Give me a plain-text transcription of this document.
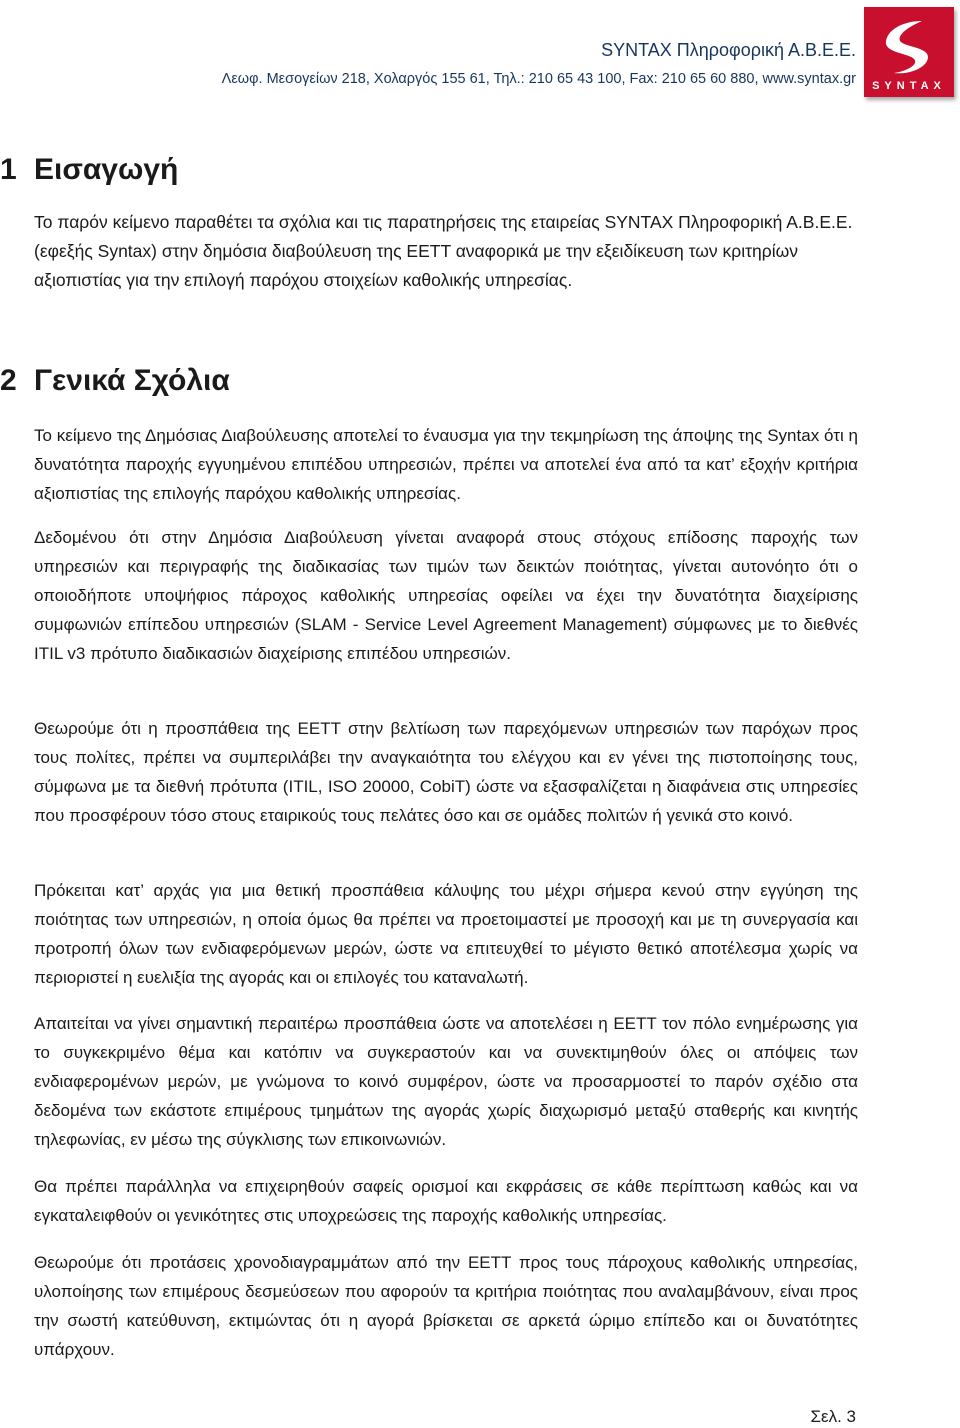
SYNTAX Πληροφορική Α.Β.Ε.Ε.
Λεωφ. Μεσογείων 218, Χολαργός 155 61, Τηλ.: 210 65 43 100, Fax: 210 65 60 880, www.syntax.gr	SYNTAX
1 Εισαγωγή
Το παρόν κείμενο παραθέτει τα σχόλια και τις παρατηρήσεις της εταιρείας SYNTAX Πληροφορική Α.Β.Ε.Ε. (εφεξής Syntax) στην δημόσια διαβούλευση της ΕΕΤΤ αναφορικά με την εξειδίκευση των κριτηρίων αξιοπιστίας για την επιλογή παρόχου στοιχείων καθολικής υπηρεσίας.
2 Γενικά Σχόλια
Το κείμενο της Δημόσιας Διαβούλευσης αποτελεί το έναυσμα για την τεκμηρίωση της άποψης της Syntax ότι η δυνατότητα παροχής εγγυημένου επιπέδου υπηρεσιών, πρέπει να αποτελεί ένα από τα κατ’ εξοχήν κριτήρια αξιοπιστίας της επιλογής παρόχου καθολικής υπηρεσίας.
Δεδομένου ότι στην Δημόσια Διαβούλευση γίνεται αναφορά στους στόχους επίδοσης παροχής των υπηρεσιών και περιγραφής της διαδικασίας των τιμών των δεικτών ποιότητας, γίνεται αυτονόητο ότι ο οποιοδήποτε υποψήφιος πάροχος καθολικής υπηρεσίας οφείλει να έχει την δυνατότητα διαχείρισης συμφωνιών επίπεδου υπηρεσιών (SLAM - Service Level Agreement Management) σύμφωνες με το διεθνές ITIL v3 πρότυπο διαδικασιών διαχείρισης επιπέδου υπηρεσιών.
Θεωρούμε ότι η προσπάθεια της ΕΕΤΤ στην βελτίωση των παρεχόμενων υπηρεσιών των παρόχων προς τους πολίτες, πρέπει να συμπεριλάβει την αναγκαιότητα του ελέγχου και εν γένει της πιστοποίησης τους, σύμφωνα με τα διεθνή πρότυπα (ITIL, ISO 20000, CobiT) ώστε να εξασφαλίζεται η διαφάνεια στις υπηρεσίες που προσφέρουν τόσο στους εταιρικούς τους πελάτες όσο και σε ομάδες πολιτών ή γενικά στο κοινό.
Πρόκειται κατ’ αρχάς για μια θετική προσπάθεια κάλυψης του μέχρι σήμερα κενού στην εγγύηση της ποιότητας των υπηρεσιών, η οποία όμως θα πρέπει να προετοιμαστεί με προσοχή και με τη συνεργασία και προτροπή όλων των ενδιαφερόμενων μερών, ώστε να επιτευχθεί το μέγιστο θετικό αποτέλεσμα χωρίς να περιοριστεί η ευελιξία της αγοράς και οι επιλογές του καταναλωτή.
Απαιτείται να γίνει σημαντική περαιτέρω προσπάθεια ώστε να αποτελέσει η ΕΕΤΤ τον πόλο ενημέρωσης για το συγκεκριμένο θέμα και κατόπιν να συγκεραστούν και να συνεκτιμηθούν όλες οι απόψεις των ενδιαφερομένων μερών, με γνώμονα το κοινό συμφέρον, ώστε να προσαρμοστεί το παρόν σχέδιο στα δεδομένα των εκάστοτε επιμέρους τμημάτων της αγοράς χωρίς διαχωρισμό μεταξύ σταθερής και κινητής τηλεφωνίας, εν μέσω της σύγκλισης των επικοινωνιών.
Θα πρέπει παράλληλα να επιχειρηθούν σαφείς ορισμοί και εκφράσεις σε κάθε περίπτωση καθώς και να εγκαταλειφθούν οι γενικότητες στις υποχρεώσεις της παροχής καθολικής υπηρεσίας.
Θεωρούμε ότι προτάσεις χρονοδιαγραμμάτων από την ΕΕΤΤ προς τους πάροχους καθολικής υπηρεσίας, υλοποίησης των επιμέρους δεσμεύσεων που αφορούν τα κριτήρια ποιότητας που αναλαμβάνουν, είναι προς την σωστή κατεύθυνση, εκτιμώντας ότι η αγορά βρίσκεται σε αρκετά ώριμο επίπεδο και οι δυνατότητες υπάρχουν.
Σελ. 3
